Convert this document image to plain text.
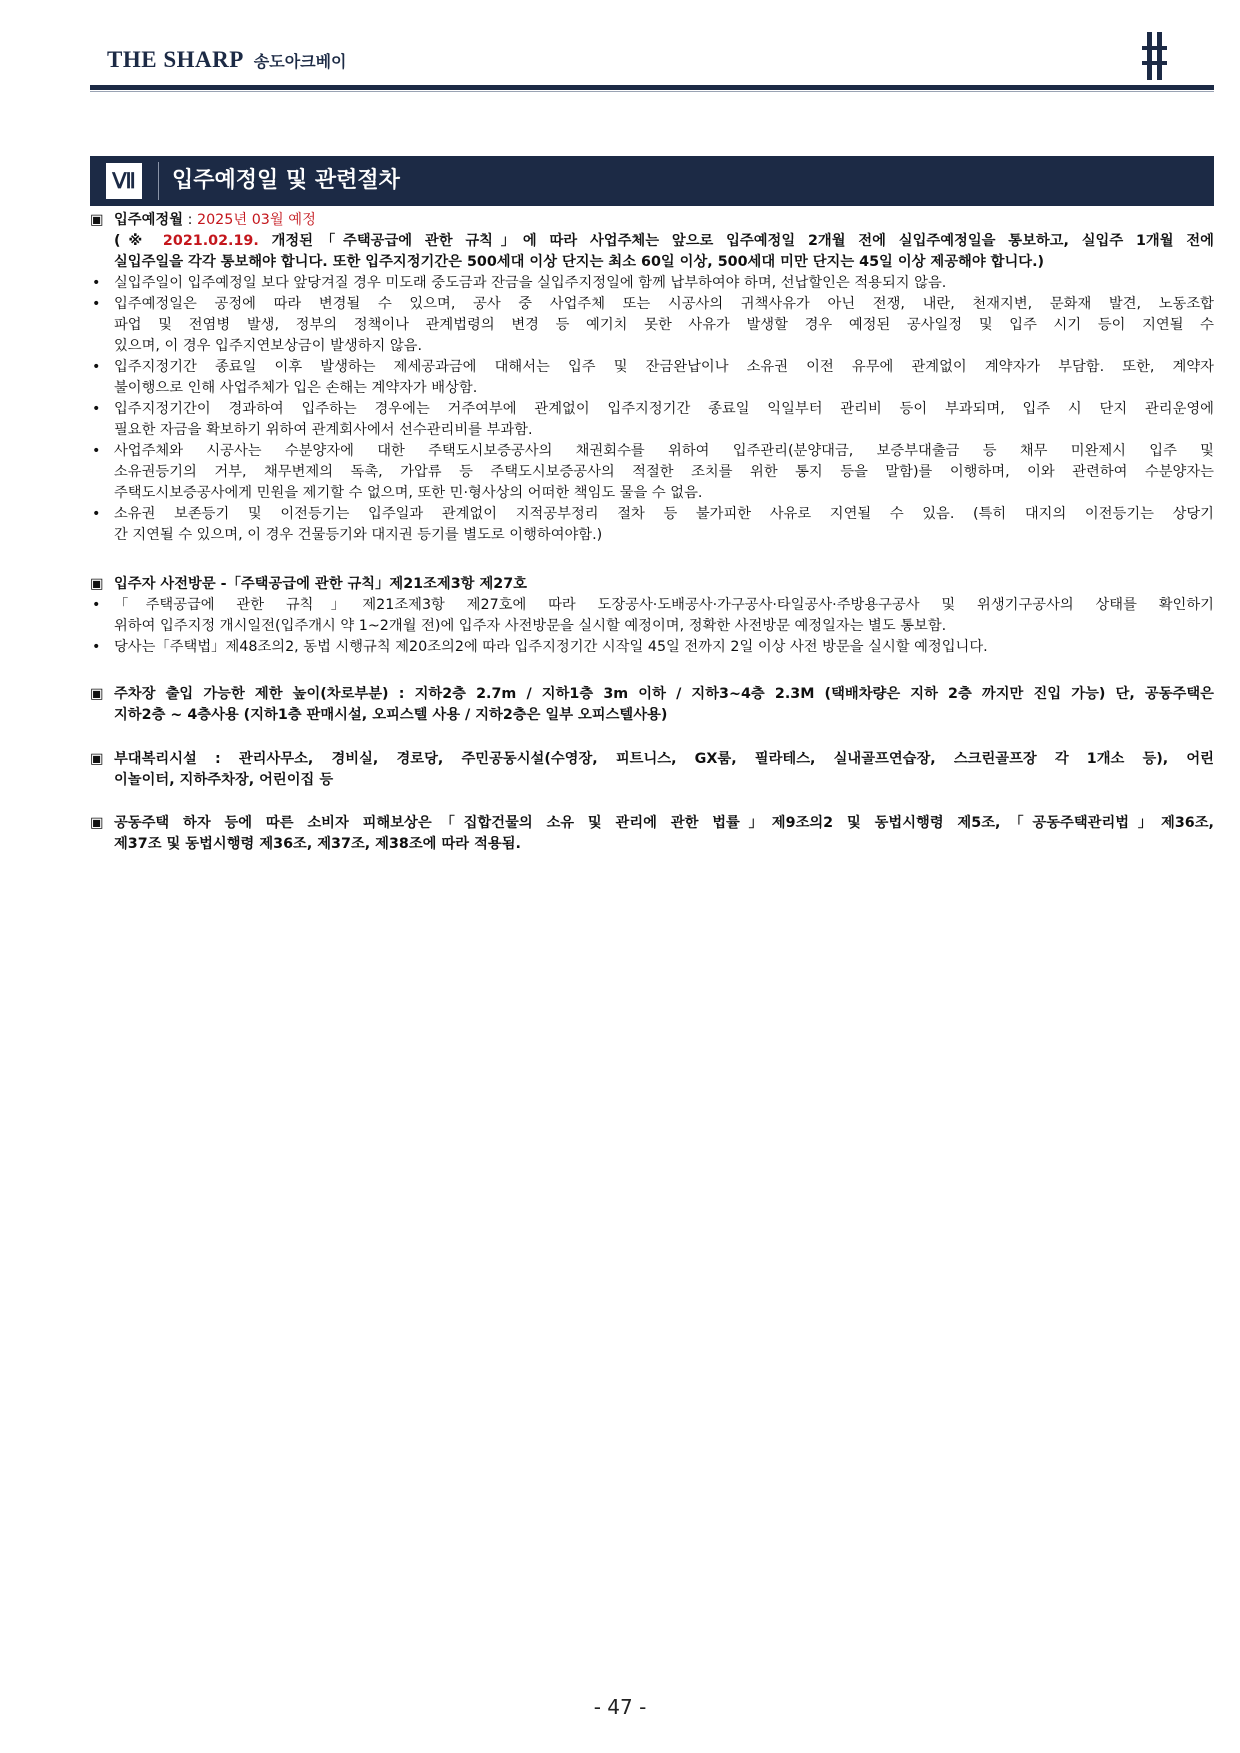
THE SHARP 송도아크베이
Ⅶ 입주예정일 및 관련절차
▣ 입주예정월 : 2025년 03월 예정
(※ 2021.02.19. 개정된「주택공급에 관한 규칙」에 따라 사업주체는 앞으로 입주예정일 2개월 전에 실입주예정일을 통보하고, 실입주 1개월 전에
실입주일을 각각 통보해야 합니다. 또한 입주지정기간은 500세대 이상 단지는 최소 60일 이상, 500세대 미만 단지는 45일 이상 제공해야 합니다.)
• 실입주일이 입주예정일 보다 앞당겨질 경우 미도래 중도금과 잔금을 실입주지정일에 함께 납부하여야 하며, 선납할인은 적용되지 않음.
• 입주예정일은 공정에 따라 변경될 수 있으며, 공사 중 사업주체 또는 시공사의 귀책사유가 아닌 전쟁, 내란, 천재지변, 문화재 발견, 노동조합
파업 및 전염병 발생, 정부의 정책이나 관계법령의 변경 등 예기치 못한 사유가 발생할 경우 예정된 공사일정 및 입주 시기 등이 지연될 수
있으며, 이 경우 입주지연보상금이 발생하지 않음.
• 입주지정기간 종료일 이후 발생하는 제세공과금에 대해서는 입주 및 잔금완납이나 소유권 이전 유무에 관계없이 계약자가 부담함. 또한, 계약자
불이행으로 인해 사업주체가 입은 손해는 계약자가 배상함.
• 입주지정기간이 경과하여 입주하는 경우에는 거주여부에 관계없이 입주지정기간 종료일 익일부터 관리비 등이 부과되며, 입주 시 단지 관리운영에
필요한 자금을 확보하기 위하여 관계회사에서 선수관리비를 부과함.
• 사업주체와 시공사는 수분양자에 대한 주택도시보증공사의 채권회수를 위하여 입주관리(분양대금, 보증부대출금 등 채무 미완제시 입주 및
소유권등기의 거부, 채무변제의 독촉, 가압류 등 주택도시보증공사의 적절한 조치를 위한 통지 등을 말함)를 이행하며, 이와 관련하여 수분양자는
주택도시보증공사에게 민원을 제기할 수 없으며, 또한 민·형사상의 어떠한 책임도 물을 수 없음.
• 소유권 보존등기 및 이전등기는 입주일과 관계없이 지적공부정리 절차 등 불가피한 사유로 지연될 수 있음. (특히 대지의 이전등기는 상당기
간 지연될 수 있으며, 이 경우 건물등기와 대지권 등기를 별도로 이행하여야함.)
▣ 입주자 사전방문 -「주택공급에 관한 규칙」제21조제3항 제27호
• 「주택공급에 관한 규칙」제21조제3항 제27호에 따라 도장공사·도배공사·가구공사·타일공사·주방용구공사 및 위생기구공사의 상태를 확인하기
위하여 입주지정 개시일전(입주개시 약 1~2개월 전)에 입주자 사전방문을 실시할 예정이며, 정확한 사전방문 예정일자는 별도 통보함.
• 당사는「주택법」제48조의2, 동법 시행규칙 제20조의2에 따라 입주지정기간 시작일 45일 전까지 2일 이상 사전 방문을 실시할 예정입니다.
▣ 주차장 출입 가능한 제한 높이(차로부분) : 지하2층 2.7m / 지하1층 3m 이하 / 지하3~4층 2.3M (택배차량은 지하 2층 까지만 진입 가능) 단, 공동주택은
지하2층 ~ 4층사용 (지하1층 판매시설, 오피스텔 사용 / 지하2층은 일부 오피스텔사용)
▣ 부대복리시설 : 관리사무소, 경비실, 경로당, 주민공동시설(수영장, 피트니스, GX룸, 필라테스, 실내골프연습장, 스크린골프장 각 1개소 등), 어린
이놀이터, 지하주차장, 어린이집 등
▣ 공동주택 하자 등에 따른 소비자 피해보상은「집합건물의 소유 및 관리에 관한 법률」제9조의2 및 동법시행령 제5조,「공동주택관리법」제36조,
제37조 및 동법시행령 제36조, 제37조, 제38조에 따라 적용됨.
- 47 -
